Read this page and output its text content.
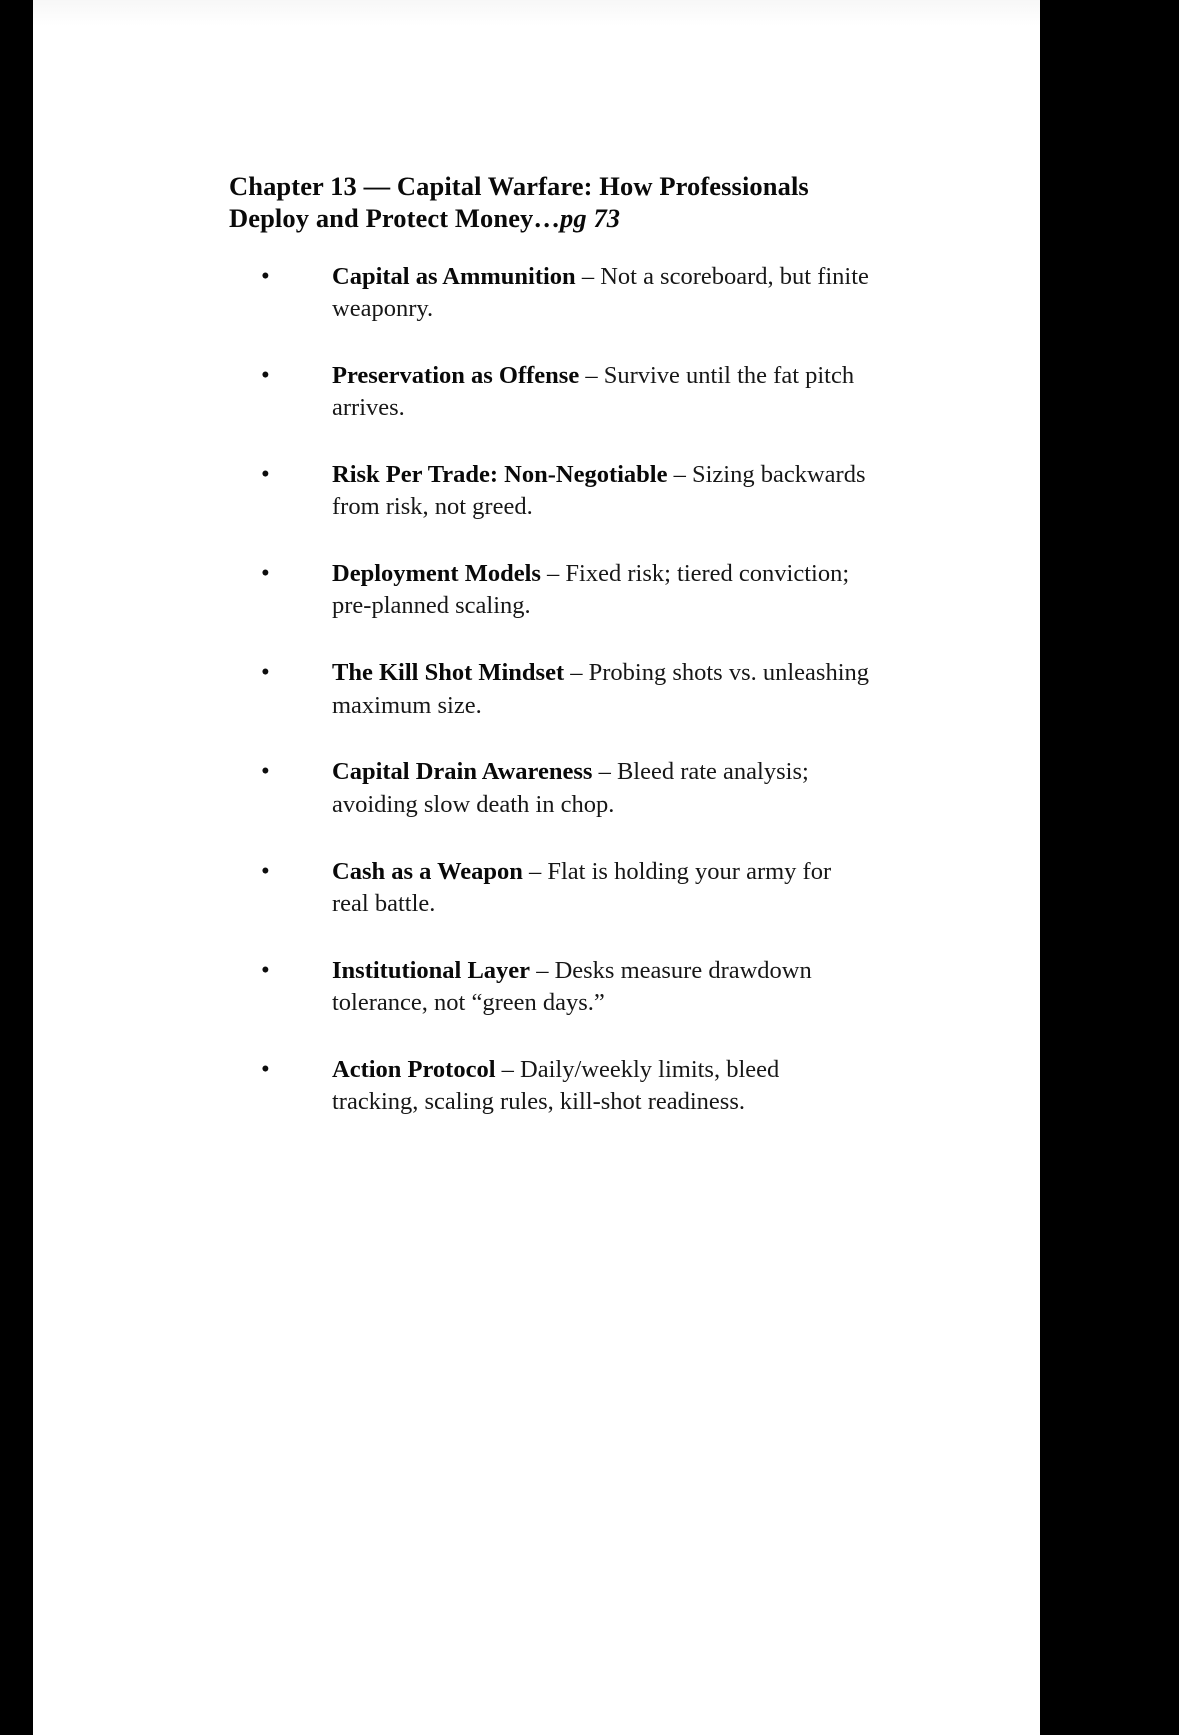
Chapter 13 — Capital Warfare: How Professionals Deploy and Protect Money…pg 73
•	Capital as Ammunition – Not a scoreboard, but finite weaponry.
•	Preservation as Offense – Survive until the fat pitch arrives.
•	Risk Per Trade: Non-Negotiable – Sizing backwards from risk, not greed.
•	Deployment Models – Fixed risk; tiered conviction; pre-planned scaling.
•	The Kill Shot Mindset – Probing shots vs. unleashing maximum size.
•	Capital Drain Awareness – Bleed rate analysis; avoiding slow death in chop.
•	Cash as a Weapon – Flat is holding your army for real battle.
•	Institutional Layer – Desks measure drawdown tolerance, not “green days.”
•	Action Protocol – Daily/weekly limits, bleed tracking, scaling rules, kill-shot readiness.
